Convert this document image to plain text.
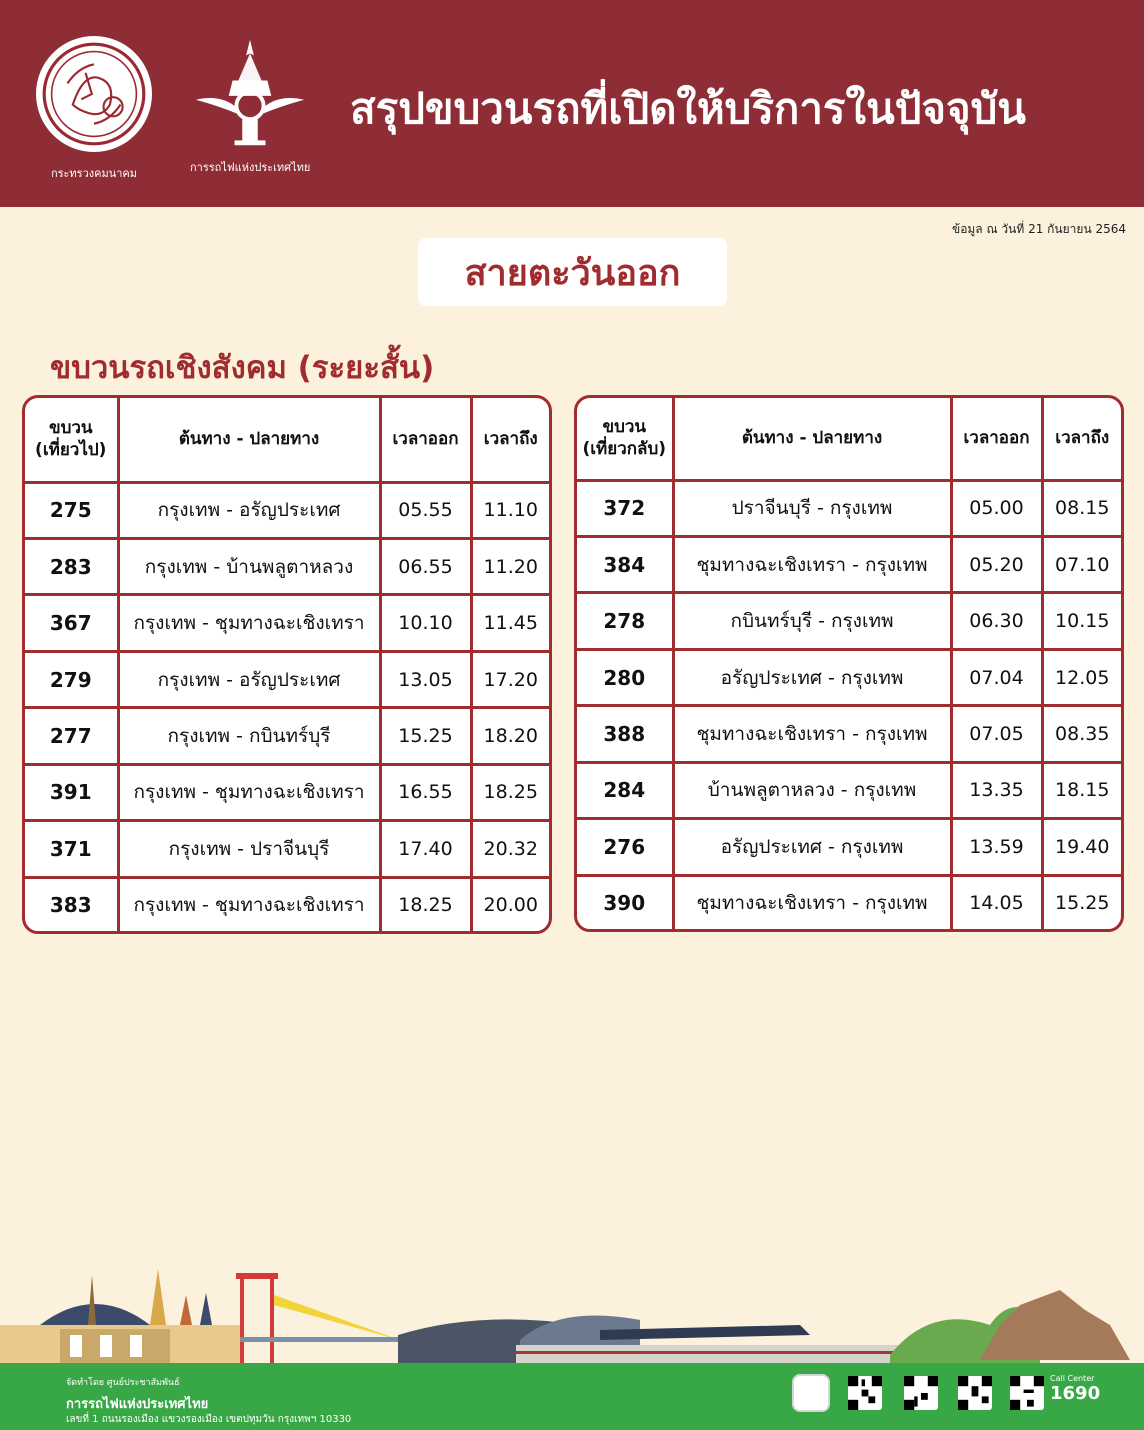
กระทรวงคมนาคม	การรถไฟแห่งประเทศไทย
สรุปขบวนรถที่เปิดให้บริการในปัจจุบัน
ข้อมูล ณ วันที่ 21 กันยายน 2564
สายตะวันออก
ขบวนรถเชิงสังคม (ระยะสั้น)
ขบวน
(เที่ยวไป)	ต้นทาง - ปลายทาง	เวลาออก	เวลาถึง
275	กรุงเทพ - อรัญประเทศ	05.55	11.10
283	กรุงเทพ - บ้านพลูตาหลวง	06.55	11.20
367	กรุงเทพ - ชุมทางฉะเชิงเทรา	10.10	11.45
279	กรุงเทพ - อรัญประเทศ	13.05	17.20
277	กรุงเทพ - กบินทร์บุรี	15.25	18.20
391	กรุงเทพ - ชุมทางฉะเชิงเทรา	16.55	18.25
371	กรุงเทพ - ปราจีนบุรี	17.40	20.32
383	กรุงเทพ - ชุมทางฉะเชิงเทรา	18.25	20.00
ขบวน
(เที่ยวกลับ)	ต้นทาง - ปลายทาง	เวลาออก	เวลาถึง
372	ปราจีนบุรี - กรุงเทพ	05.00	08.15
384	ชุมทางฉะเชิงเทรา - กรุงเทพ	05.20	07.10
278	กบินทร์บุรี - กรุงเทพ	06.30	10.15
280	อรัญประเทศ - กรุงเทพ	07.04	12.05
388	ชุมทางฉะเชิงเทรา - กรุงเทพ	07.05	08.35
284	บ้านพลูตาหลวง - กรุงเทพ	13.35	18.15
276	อรัญประเทศ - กรุงเทพ	13.59	19.40
390	ชุมทางฉะเชิงเทรา - กรุงเทพ	14.05	15.25
จัดทำโดย ศูนย์ประชาสัมพันธ์
การรถไฟแห่งประเทศไทย
เลขที่ 1 ถนนรองเมือง แขวงรองเมือง เขตปทุมวัน กรุงเทพฯ 10330
Call Center
1690
